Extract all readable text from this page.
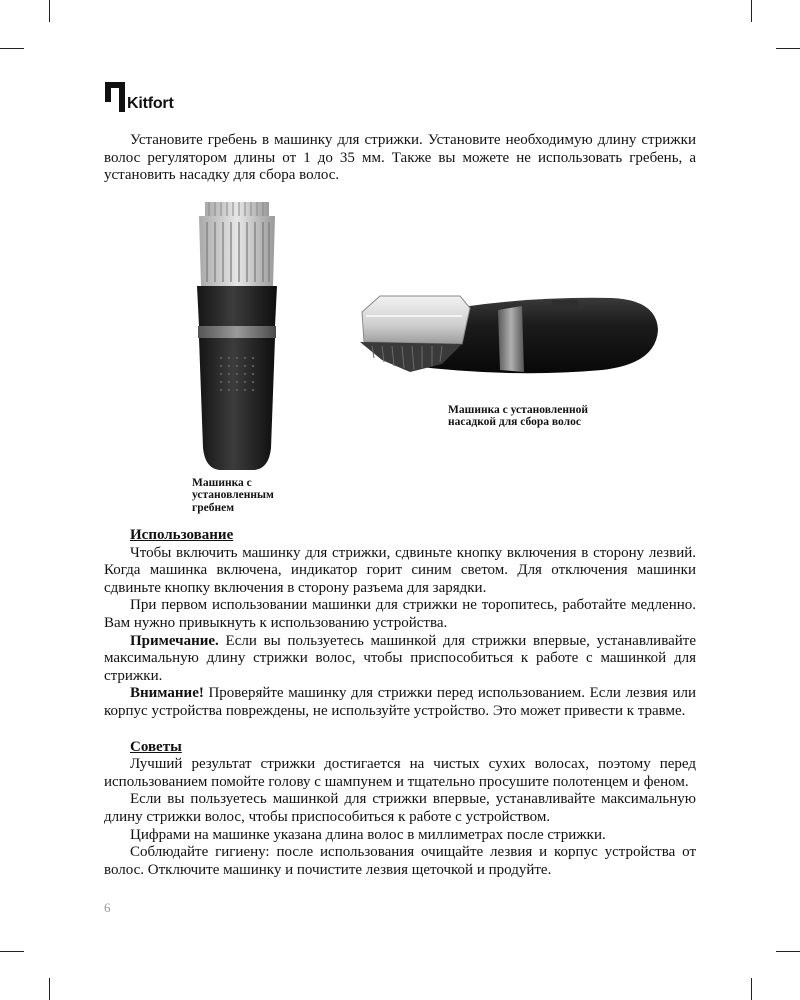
Kitfort

Установите гребень в машинку для стрижки. Установите необходимую длину стрижки волос регулятором длины от 1 до 35 мм. Также вы можете не использовать гребень, а установить насадку для сбора волос.

Машинка с установленной насадкой для сбора волос
Машинка с установленным гребнем
Использование

Чтобы включить машинку для стрижки, сдвиньте кнопку включения в сторону лезвий. Когда машинка включена, индикатор горит синим светом. Для отключения машинки сдвиньте кнопку включения в сторону разъема для зарядки.

При первом использовании машинки для стрижки не торопитесь, работайте медленно. Вам нужно привыкнуть к использованию устройства.

Примечание. Если вы пользуетесь машинкой для стрижки впервые, устанавливайте максимальную длину стрижки волос, чтобы приспособиться к работе с машинкой для стрижки.

Внимание! Проверяйте машинку для стрижки перед использованием. Если лезвия или корпус устройства повреждены, не используйте устройство. Это может привести к травме.

Советы

Лучший результат стрижки достигается на чистых сухих волосах, поэтому перед использованием помойте голову с шампунем и тщательно просушите полотенцем и феном.

Если вы пользуетесь машинкой для стрижки впервые, устанавливайте максимальную длину стрижки волос, чтобы приспособиться к работе с устройством.

Цифрами на машинке указана длина волос в миллиметрах после стрижки.

Соблюдайте гигиену: после использования очищайте лезвия и корпус устройства от волос. Отключите машинку и почистите лезвия щеточкой и продуйте.

6
